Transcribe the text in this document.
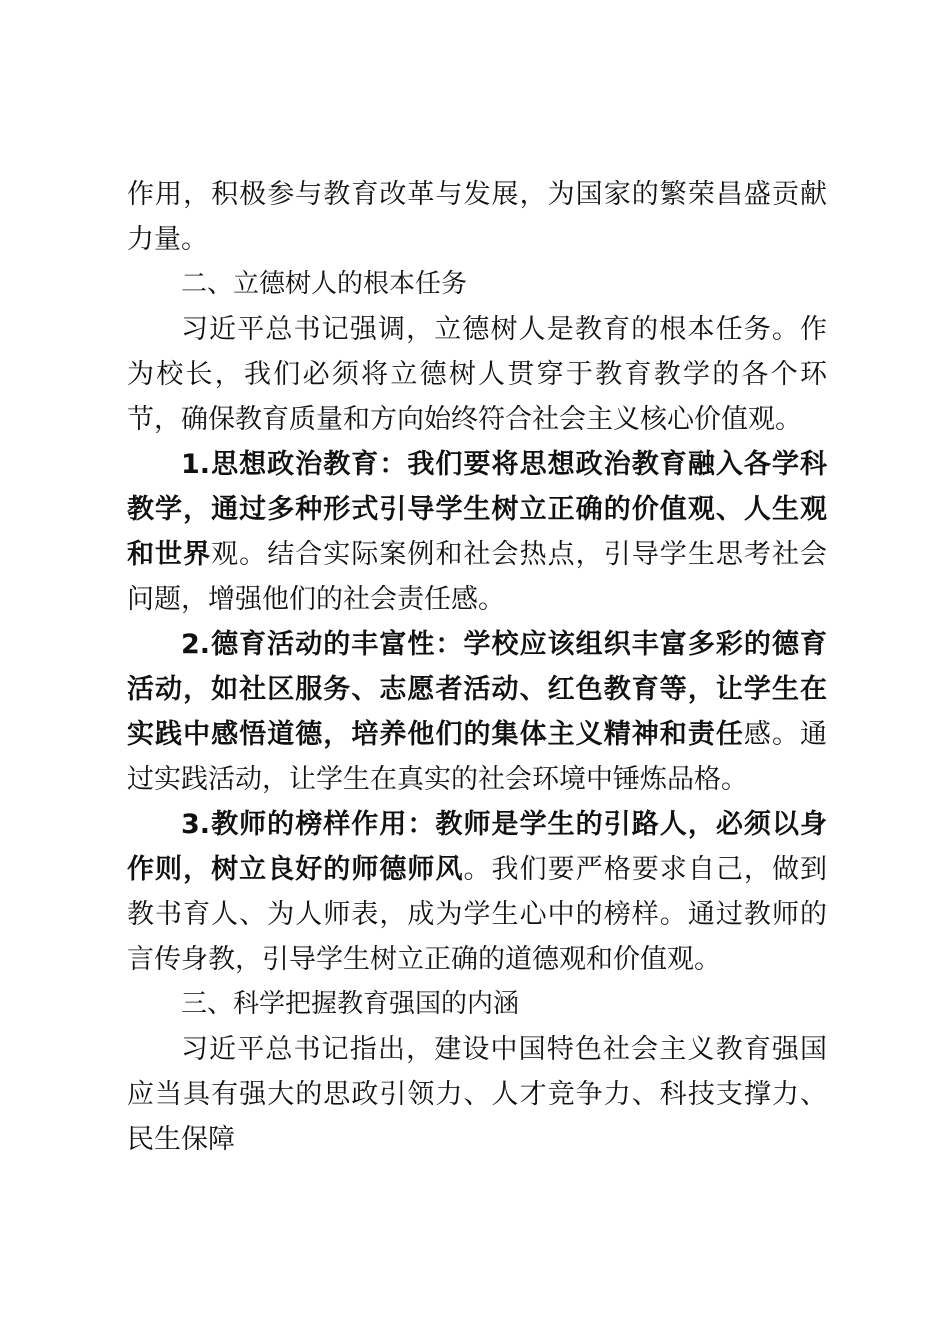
作用，积极参与教育改革与发展，为国家的繁荣昌盛贡献力量。

二、立德树人的根本任务

习近平总书记强调，立德树人是教育的根本任务。作为校长，我们必须将立德树人贯穿于教育教学的各个环节，确保教育质量和方向始终符合社会主义核心价值观。

1.思想政治教育：我们要将思想政治教育融入各学科教学，通过多种形式引导学生树立正确的价值观、人生观和世界观。结合实际案例和社会热点，引导学生思考社会问题，增强他们的社会责任感。

2.德育活动的丰富性：学校应该组织丰富多彩的德育活动，如社区服务、志愿者活动、红色教育等，让学生在实践中感悟道德，培养他们的集体主义精神和责任感。通过实践活动，让学生在真实的社会环境中锤炼品格。

3.教师的榜样作用：教师是学生的引路人，必须以身作则，树立良好的师德师风。我们要严格要求自己，做到教书育人、为人师表，成为学生心中的榜样。通过教师的言传身教，引导学生树立正确的道德观和价值观。

三、科学把握教育强国的内涵

习近平总书记指出，建设中国特色社会主义教育强国应当具有强大的思政引领力、人才竞争力、科技支撑力、民生保障
